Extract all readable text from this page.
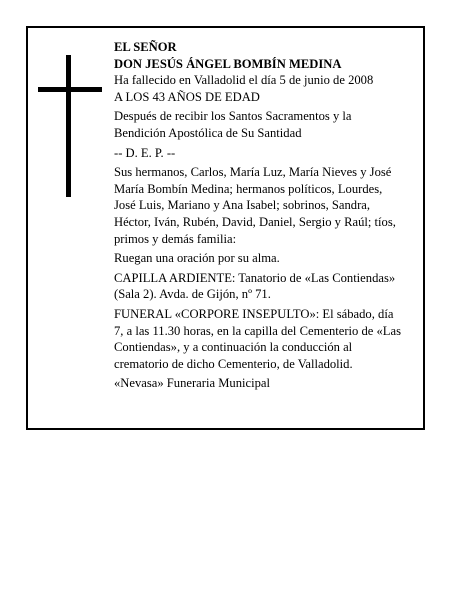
EL SEÑOR

DON JESÚS ÁNGEL BOMBÍN MEDINA

Ha fallecido en Valladolid el día 5 de junio de 2008

A LOS 43 AÑOS DE EDAD

Después de recibir los Santos Sacramentos y la

Bendición Apostólica de Su Santidad

-- D. E. P. --

Sus hermanos, Carlos, María Luz, María Nieves y José

María Bombín Medina; hermanos políticos, Lourdes,

José Luis, Mariano y Ana Isabel; sobrinos, Sandra,

Héctor, Iván, Rubén, David, Daniel, Sergio y Raúl; tíos,

primos y demás familia:

Ruegan una oración por su alma.

CAPILLA ARDIENTE: Tanatorio de «Las Contiendas»

(Sala 2). Avda. de Gijón, nº 71.

FUNERAL «CORPORE INSEPULTO»: El sábado, día

7, a las 11.30 horas, en la capilla del Cementerio de «Las

Contiendas», y a continuación la conducción al

crematorio de dicho Cementerio, de Valladolid.

«Nevasa» Funeraria Municipal
